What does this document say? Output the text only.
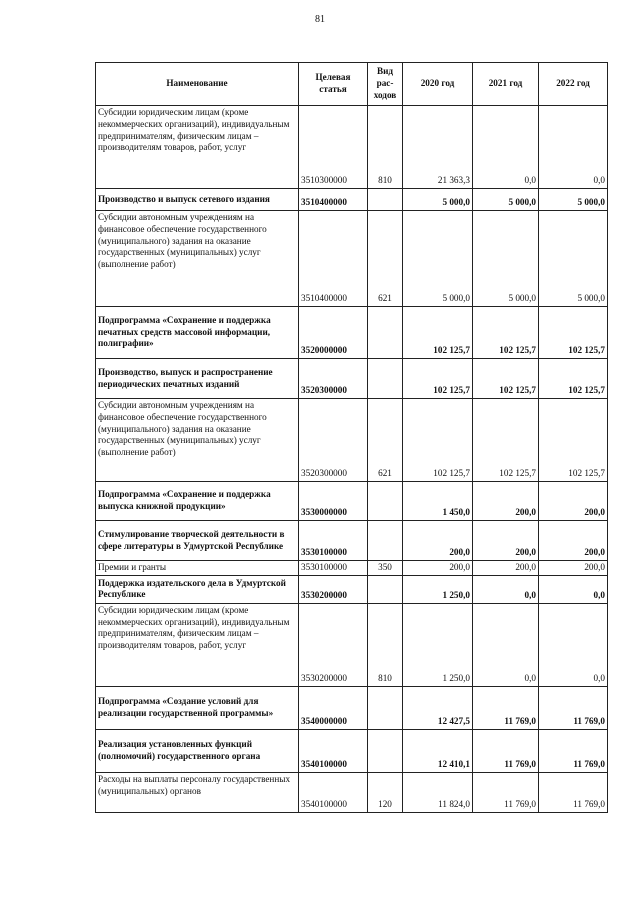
81
Наименование	Целевая статья	Вид рас-ходов	2020 год	2021 год	2022 год
Субсидии юридическим лицам (кроме некоммерческих организаций), индивидуальным предпринимателям, физическим лицам – производителям товаров, работ, услуг	3510300000	810	21 363,3	0,0	0,0
Производство и выпуск сетевого издания	3510400000		5 000,0	5 000,0	5 000,0
Субсидии автономным учреждениям на финансовое обеспечение государственного (муниципального) задания на оказание государственных (муниципальных) услуг (выполнение работ)	3510400000	621	5 000,0	5 000,0	5 000,0
Подпрограмма «Сохранение и поддержка печатных средств массовой информации, полиграфии»	3520000000		102 125,7	102 125,7	102 125,7
Производство, выпуск и распространение периодических печатных изданий	3520300000		102 125,7	102 125,7	102 125,7
Субсидии автономным учреждениям на финансовое обеспечение государственного (муниципального) задания на оказание государственных (муниципальных) услуг (выполнение работ)	3520300000	621	102 125,7	102 125,7	102 125,7
Подпрограмма «Сохранение и поддержка выпуска книжной продукции»	3530000000		1 450,0	200,0	200,0
Стимулирование творческой деятельности в сфере литературы в Удмуртской Республике	3530100000		200,0	200,0	200,0
Премии и гранты	3530100000	350	200,0	200,0	200,0
Поддержка издательского дела в Удмуртской Республике	3530200000		1 250,0	0,0	0,0
Субсидии юридическим лицам (кроме некоммерческих организаций), индивидуальным предпринимателям, физическим лицам – производителям товаров, работ, услуг	3530200000	810	1 250,0	0,0	0,0
Подпрограмма «Создание условий для реализации государственной программы»	3540000000		12 427,5	11 769,0	11 769,0
Реализация установленных функций (полномочий) государственного органа	3540100000		12 410,1	11 769,0	11 769,0
Расходы на выплаты персоналу государственных (муниципальных) органов	3540100000	120	11 824,0	11 769,0	11 769,0
